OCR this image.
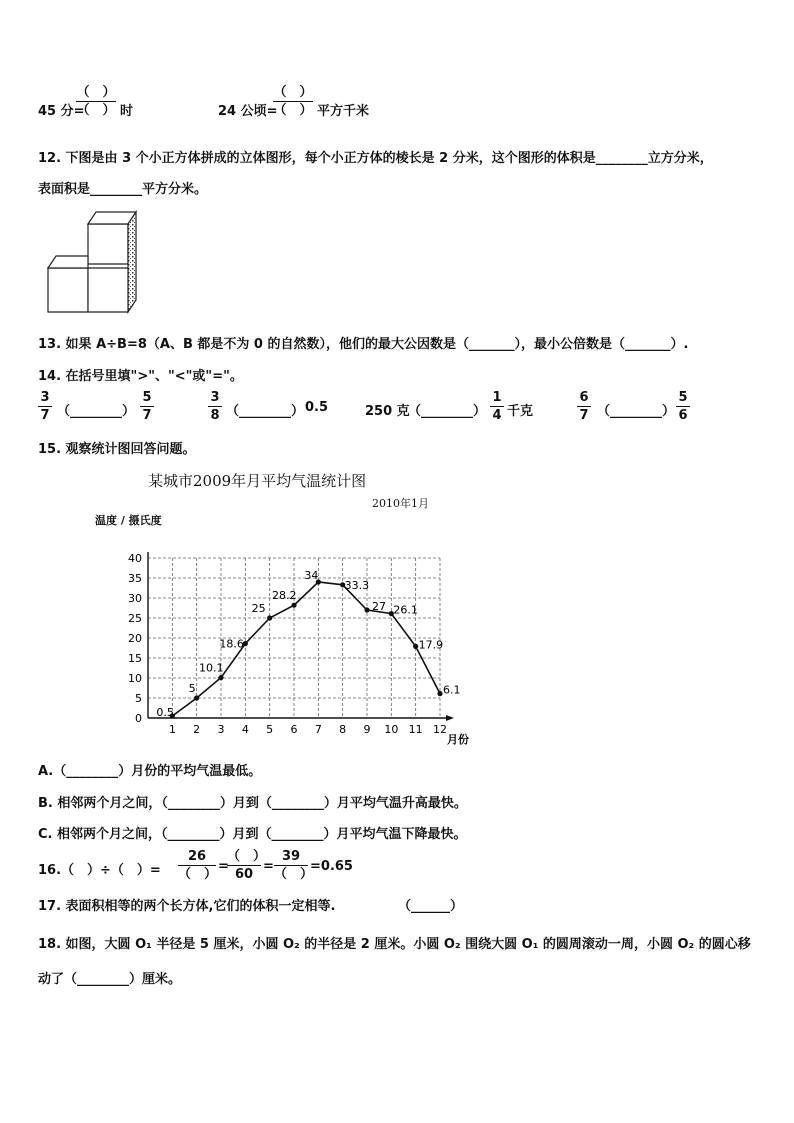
45 分=
（　）
（　） 时	24 公顷=
（　）
（　） 平方千米
12. 下图是由 3 个小正方体拼成的立体图形，每个小正方体的棱长是 2 分米，这个图形的体积是________立方分米，
表面积是________平方分米。
13. 如果 A÷B=8（A、B 都是不为 0 的自然数），他们的最大公因数是（_______），最小公倍数是（_______）.
14. 在括号里填">"、"<"或"="。
3
7 （________）
5
7
3
8 （________） 0.5	250 克
（________）
1
4 千克
6
7 （________）
5
6
15. 观察统计图回答问题。
某城市2009年月平均气温统计图
2010年1月
温度 / 摄氏度
0
5
10
15
20
25
30
35
40
1 2 3 4 5 6 7 8 9 10 11 12
月份
0.5
5
10.1
18.6
25
28.2
34
33.3
27 26.1
17.9
6.1
A.（________）月份的平均气温最低。
B. 相邻两个月之间，（________）月到（________）月平均气温升高最快。
C. 相邻两个月之间，（________）月到（________）月平均气温下降最快。
16.（　）÷（　）=
26
（　）
=
（　）
60
=
39
（　）
=0.65
17. 表面积相等的两个长方体,它们的体积一定相等.	（______）
18. 如图，大圆 O₁ 半径是 5 厘米，小圆 O₂ 的半径是 2 厘米。小圆 O₂ 围绕大圆 O₁ 的圆周滚动一周，小圆 O₂ 的圆心移
动了（________）厘米。
